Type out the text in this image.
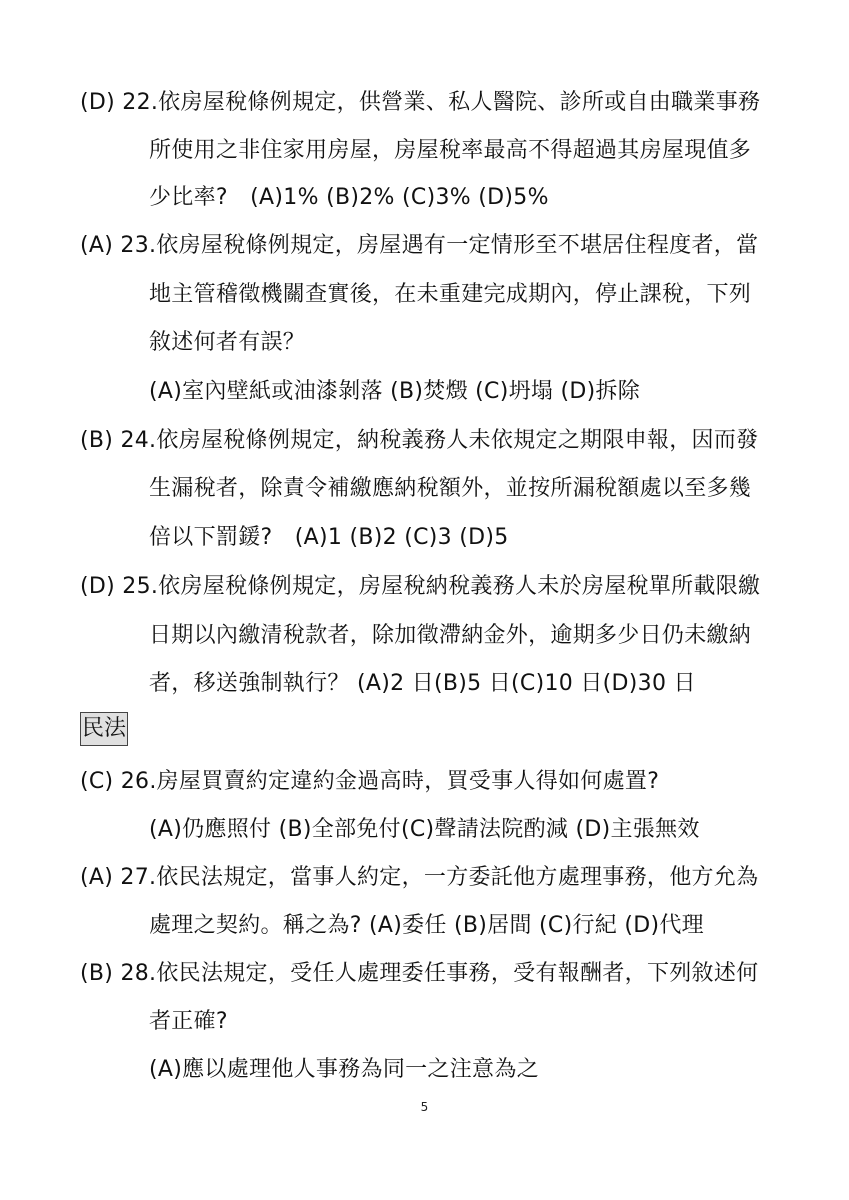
(D) 22.依房屋稅條例規定，供營業、私人醫院、診所或自由職業事務
所使用之非住家用房屋，房屋稅率最高不得超過其房屋現值多
少比率?　(A)1% (B)2% (C)3% (D)5%
(A) 23.依房屋稅條例規定，房屋遇有一定情形至不堪居住程度者，當
地主管稽徵機關查實後，在未重建完成期內，停止課稅，下列
敘述何者有誤？
(A)室內壁紙或油漆剝落 (B)焚燬 (C)坍塌 (D)拆除
(B) 24.依房屋稅條例規定，納稅義務人未依規定之期限申報，因而發
生漏稅者，除責令補繳應納稅額外，並按所漏稅額處以至多幾
倍以下罰鍰?　(A)1 (B)2 (C)3 (D)5
(D) 25.依房屋稅條例規定，房屋稅納稅義務人未於房屋稅單所載限繳
日期以內繳清稅款者，除加徵滯納金外，逾期多少日仍未繳納
者，移送強制執行？ (A)2 日(B)5 日(C)10 日(D)30 日
民法
(C) 26.房屋買賣約定違約金過高時，買受事人得如何處置?
(A)仍應照付 (B)全部免付(C)聲請法院酌減 (D)主張無效
(A) 27.依民法規定，當事人約定，一方委託他方處理事務，他方允為
處理之契約。稱之為? (A)委任 (B)居間 (C)行紀 (D)代理
(B) 28.依民法規定，受任人處理委任事務，受有報酬者，下列敘述何
者正確?
(A)應以處理他人事務為同一之注意為之
5
